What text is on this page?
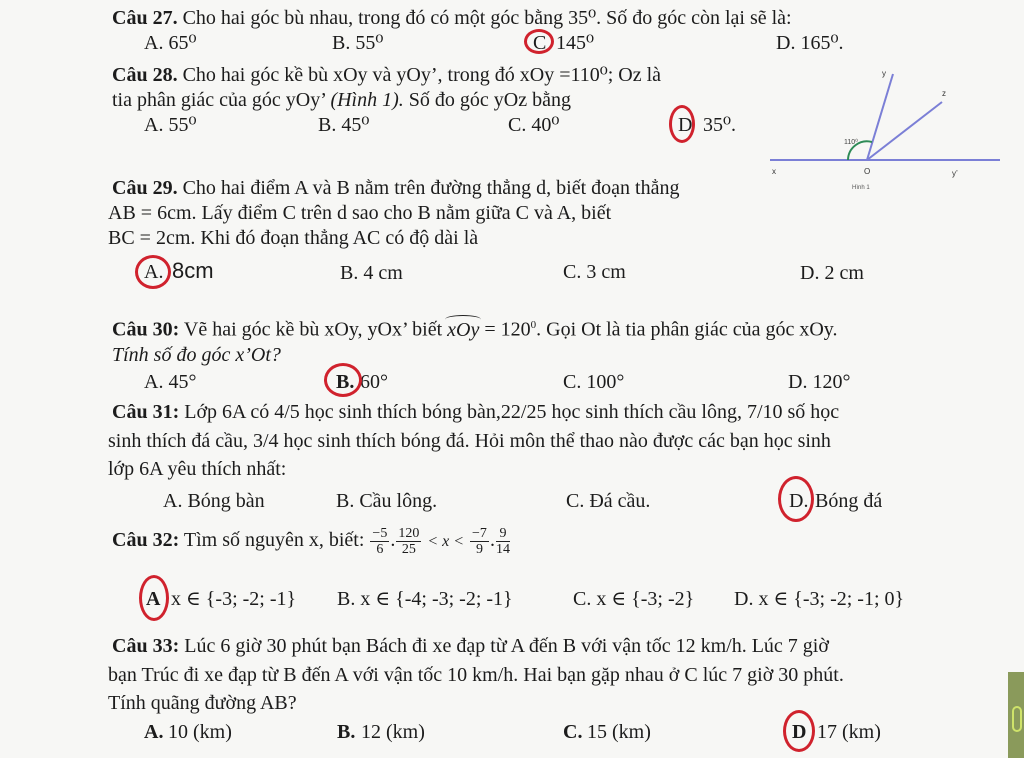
Câu 27. Cho hai góc bù nhau, trong đó có một góc bằng 35⁰. Số đo góc còn lại sẽ là:
A. 65⁰	B. 55⁰	C 145⁰	D. 165⁰.
Câu 28. Cho hai góc kề bù xOy và yOy’, trong đó xOy =110⁰; Oz là
tia phân giác của góc yOy’ (Hình 1). Số đo góc yOz bằng
A. 55⁰	B. 45⁰	C. 40⁰	D 35⁰.
y
z
x	y’
O
110⁰
Hình 1
Câu 29. Cho hai điểm A và B nằm trên đường thẳng d, biết đoạn thẳng
AB = 6cm. Lấy điểm C trên d sao cho B nằm giữa C và A, biết
BC = 2cm. Khi đó đoạn thẳng AC có độ dài là
A. 8cm	B. 4 cm	C. 3 cm	D. 2 cm
Câu 30: Vẽ hai góc kề bù xOy, yOx’ biết
xOy = $120^0$. Gọi Ot là tia phân giác của góc xOy.
Tính số đo góc x’Ot?
A. 45°	B. 60°	C. 100°	D. 120°
Câu 31: Lớp 6A có 4/5 học sinh thích bóng bàn,22/25 học sinh thích cầu lông, 7/10 số học
sinh thích đá cầu, 3/4 học sinh thích bóng đá. Hỏi môn thể thao nào được các bạn học sinh
lớp 6A yêu thích nhất:
A. Bóng bàn	B. Cầu lông.	C. Đá cầu.	D. Bóng đá
Câu 32: Tìm số nguyên x, biết: $\frac{-5}{6}$ . $\frac{120}{25} < x < \frac{-7}{9}$ . $\frac{9}{14}$
A x ∈ {-3; -2; -1} B. x ∈ {-4; -3; -2; -1}	C. x ∈ {-3; -2} D. x ∈ {-3; -2; -1; 0}
Câu 33: Lúc 6 giờ 30 phút bạn Bách đi xe đạp từ A đến B với vận tốc 12 km/h. Lúc 7 giờ
bạn Trúc đi xe đạp từ B đến A với vận tốc 10 km/h. Hai bạn gặp nhau ở C lúc 7 giờ 30 phút.
Tính quãng đường AB?
A. 10 (km)	B. 12 (km)	C. 15 (km)	D 17 (km)
